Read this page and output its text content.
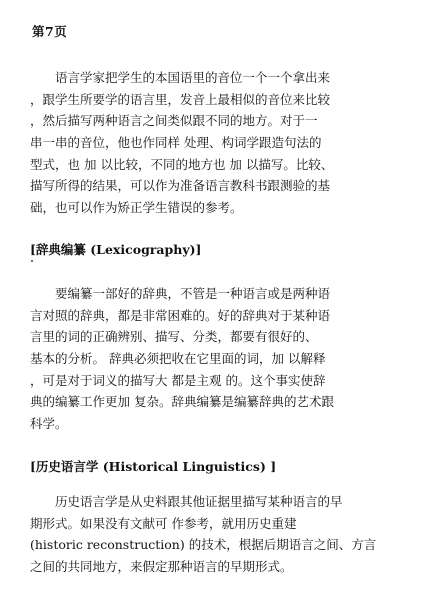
第7页
　　语言学家把学生的本国语里的音位一个一个拿出来
，跟学生所要学的语言里，发音上最相似的音位来比较
，然后描写两种语言之间类似跟不同的地方。对于一
串一串的音位，他也作同样 处理、构词学跟造句法的
型式，也 加 以比较，不同的地方也 加 以描写。比较、
描写所得的结果，可以作为准备语言教科书跟测验的基
础，也可以作为矫正学生错误的参考。
[辞典编纂 (Lexicography)]
　　要编纂一部好的辞典，不管是一种语言或是两种语
言对照的辞典，都是非常困难的。好的辞典对于某种语
言里的词的正确辨别、描写、分类，都要有很好的、
基本的分析。 辞典必须把收在它里面的词，加 以解释
，可是对于词义的描写大 都是主观 的。这个事实使辞
典的编纂工作更加 复杂。辞典编纂是编纂辞典的艺术跟
科学。
[历史语言学 (Historical Linguistics) ]
　　历史语言学是从史料跟其他证据里描写某种语言的早
期形式。如果没有文献可 作参考，就用历史重建
(historic reconstruction) 的技术，根据后期语言之间、方言
之间的共同地方，来假定那种语言的早期形式。
